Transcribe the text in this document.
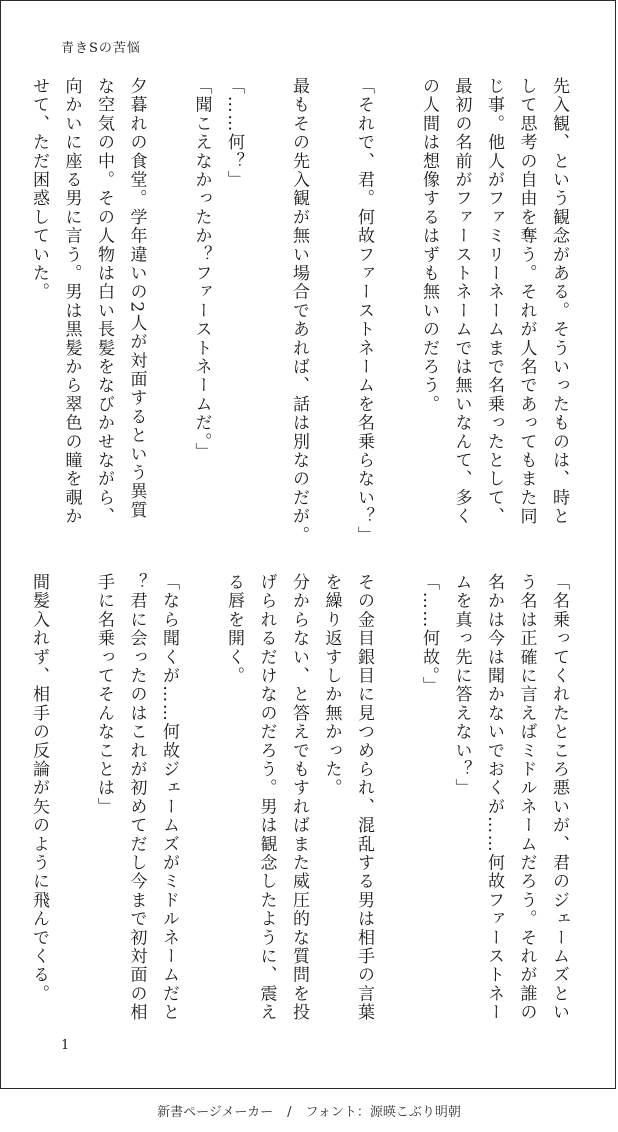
青きSの苦悩
先入観、という観念がある。そういったものは、時と
して思考の自由を奪う。それが人名であってもまた同
じ事。他人がファミリーネームまで名乗ったとして、
最初の名前がファーストネームでは無いなんて、多く
の人間は想像するはずも無いのだろう。
「それで、君。何故ファーストネームを名乗らない？」
最もその先入観が無い場合であれば、話は別なのだが。
「……何？」
「聞こえなかったか？ファーストネームだ。」
夕暮れの食堂。学年違いの2人が対面するという異質
な空気の中。その人物は白い長髪をなびかせながら、
向かいに座る男に言う。男は黒髪から翠色の瞳を覗か
せて、ただ困惑していた。
「名乗ってくれたところ悪いが、君のジェームズとい
う名は正確に言えばミドルネームだろう。それが誰の
名かは今は聞かないでおくが……何故ファーストネー
ムを真っ先に答えない？」
「……何故。」
その金目銀目に見つめられ、混乱する男は相手の言葉
を繰り返すしか無かった。
分からない、と答えでもすればまた威圧的な質問を投
げられるだけなのだろう。男は観念したように、震え
る唇を開く。
「なら聞くが……何故ジェームズがミドルネームだと
？君に会ったのはこれが初めてだし今まで初対面の相
手に名乗ってそんなことは」
間髪入れず、相手の反論が矢のように飛んでくる。
1
新書ページメーカー / フォント：源暎こぶり明朝
